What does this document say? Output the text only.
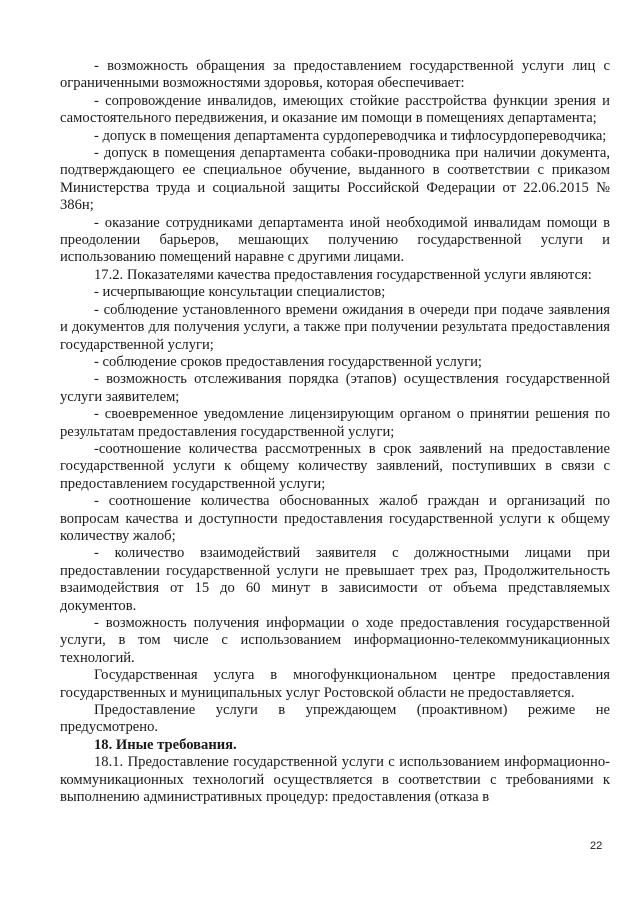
- возможность обращения за предоставлением государственной услуги лиц с ограниченными возможностями здоровья, которая обеспечивает:

- сопровождение инвалидов, имеющих стойкие расстройства функции зрения и самостоятельного передвижения, и оказание им помощи в помещениях департамента;

- допуск в помещения департамента сурдопереводчика и тифлосурдопереводчика;

- допуск в помещения департамента собаки-проводника при наличии документа, подтверждающего ее специальное обучение, выданного в соответствии с приказом Министерства труда и социальной защиты Российской Федерации от 22.06.2015 № 386н;

- оказание сотрудниками департамента иной необходимой инвалидам помощи в преодолении барьеров, мешающих получению государственной услуги и использованию помещений наравне с другими лицами.

17.2. Показателями качества предоставления государственной услуги являются:

- исчерпывающие консультации специалистов;

- соблюдение установленного времени ожидания в очереди при подаче заявления и документов для получения услуги, а также при получении результата предоставления государственной услуги;

- соблюдение сроков предоставления государственной услуги;

- возможность отслеживания порядка (этапов) осуществления государственной услуги заявителем;

- своевременное уведомление лицензирующим органом о принятии решения по результатам предоставления государственной услуги;

-соотношение количества рассмотренных в срок заявлений на предоставление государственной услуги к общему количеству заявлений, поступивших в связи с предоставлением государственной услуги;

- соотношение количества обоснованных жалоб граждан и организаций по вопросам качества и доступности предоставления государственной услуги к общему количеству жалоб;

- количество взаимодействий заявителя с должностными лицами при предоставлении государственной услуги не превышает трех раз, Продолжительность взаимодействия от 15 до 60 минут в зависимости от объема представляемых документов.

- возможность получения информации о ходе предоставления государственной услуги, в том числе с использованием информационно-телекоммуникационных технологий.

Государственная услуга в многофункциональном центре предоставления государственных и муниципальных услуг Ростовской области не предоставляется.

Предоставление услуги в упреждающем (проактивном) режиме не предусмотрено.

18. Иные требования.

18.1. Предоставление государственной услуги с использованием информационно-коммуникационных технологий осуществляется в соответствии с требованиями к выполнению административных процедур: предоставления (отказа в

22
